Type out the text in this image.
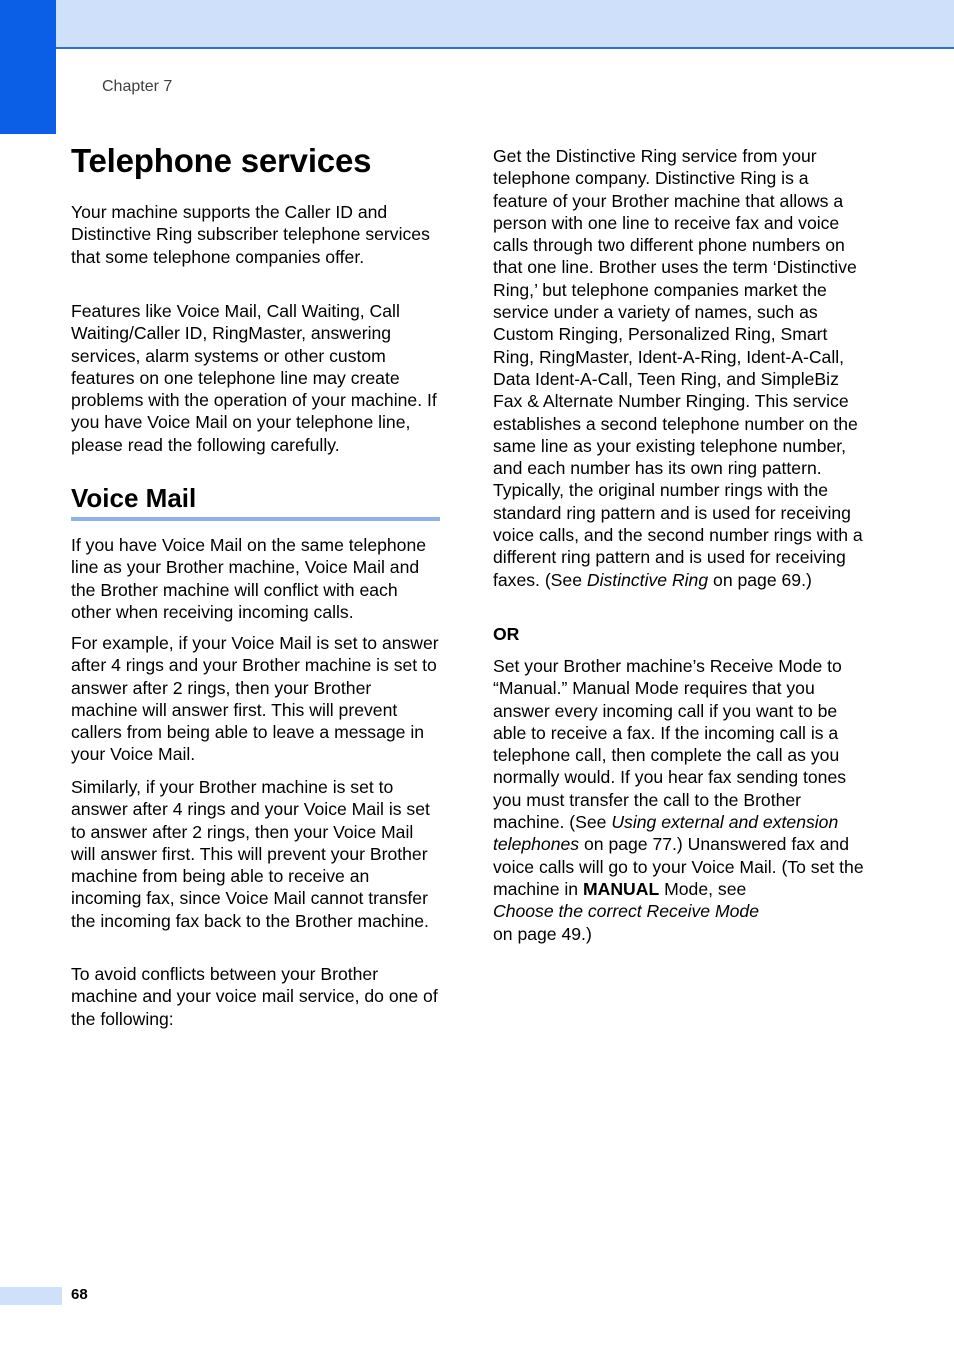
Chapter 7
Telephone services

Your machine supports the Caller ID and Distinctive Ring subscriber telephone services that some telephone companies offer.

Features like Voice Mail, Call Waiting, Call Waiting/Caller ID, RingMaster, answering services, alarm systems or other custom features on one telephone line may create problems with the operation of your machine. If you have Voice Mail on your telephone line, please read the following carefully.

Voice Mail

If you have Voice Mail on the same telephone line as your Brother machine, Voice Mail and the Brother machine will conflict with each other when receiving incoming calls.

For example, if your Voice Mail is set to answer after 4 rings and your Brother machine is set to answer after 2 rings, then your Brother machine will answer first. This will prevent callers from being able to leave a message in your Voice Mail.

Similarly, if your Brother machine is set to answer after 4 rings and your Voice Mail is set to answer after 2 rings, then your Voice Mail will answer first. This will prevent your Brother machine from being able to receive an incoming fax, since Voice Mail cannot transfer the incoming fax back to the Brother machine.

To avoid conflicts between your Brother machine and your voice mail service, do one of the following:

Get the Distinctive Ring service from your telephone company. Distinctive Ring is a feature of your Brother machine that allows a person with one line to receive fax and voice calls through two different phone numbers on that one line. Brother uses the term ‘Distinctive Ring,’ but telephone companies market the service under a variety of names, such as Custom Ringing, Personalized Ring, Smart Ring, RingMaster, Ident-A-Ring, Ident-A-Call, Data Ident-A-Call, Teen Ring, and SimpleBiz Fax & Alternate Number Ringing. This service establishes a second telephone number on the same line as your existing telephone number, and each number has its own ring pattern. Typically, the original number rings with the standard ring pattern and is used for receiving voice calls, and the second number rings with a different ring pattern and is used for receiving faxes. (See Distinctive Ring on page 69.)

OR

Set your Brother machine’s Receive Mode to “Manual.” Manual Mode requires that you answer every incoming call if you want to be able to receive a fax. If the incoming call is a telephone call, then complete the call as you normally would. If you hear fax sending tones you must transfer the call to the Brother machine. (See Using external and extension telephones on page 77.) Unanswered fax and voice calls will go to your Voice Mail. (To set the machine in MANUAL Mode, see
Choose the correct Receive Mode
on page 49.)

68
